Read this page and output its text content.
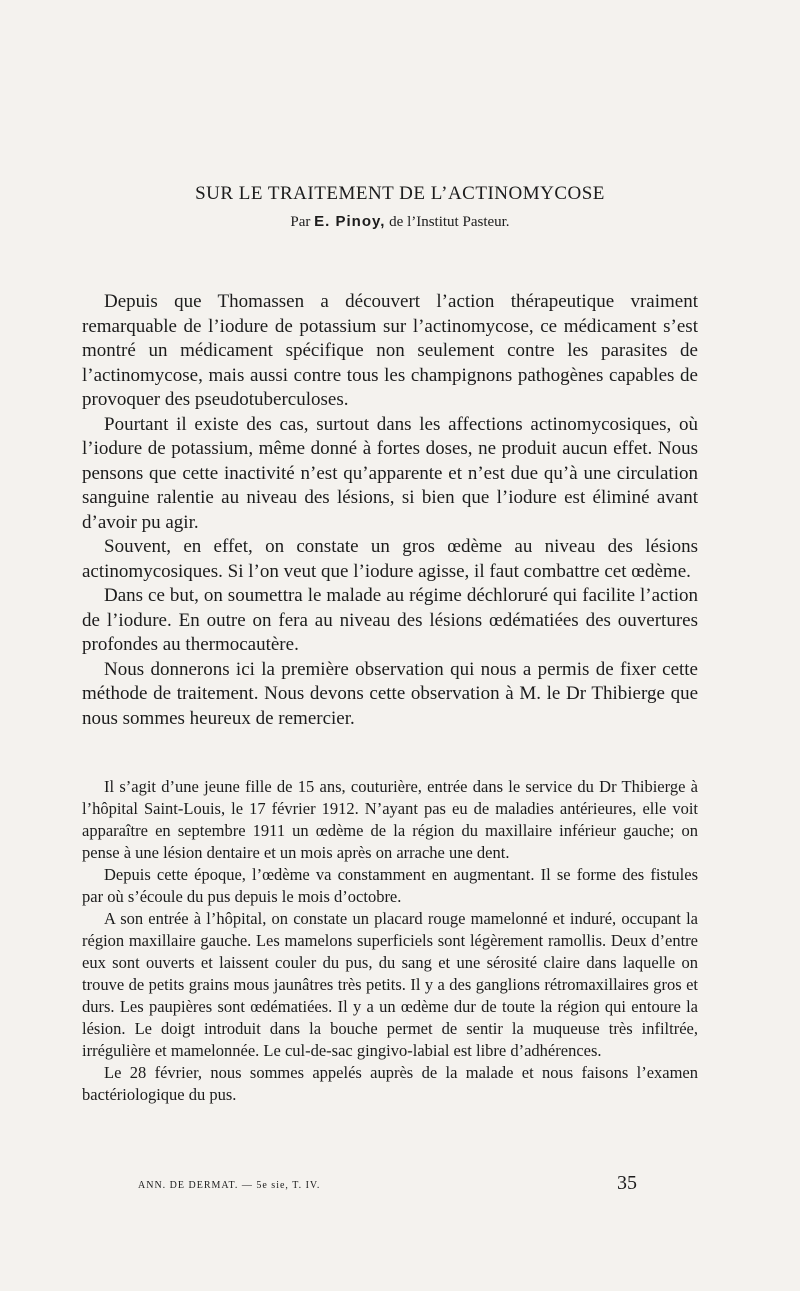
SUR LE TRAITEMENT DE L’ACTINOMYCOSE
Par E. Pinoy, de l’Institut Pasteur.

Depuis que Thomassen a découvert l’action thérapeutique vraiment remarquable de l’iodure de potassium sur l’actinomycose, ce médicament s’est montré un médicament spécifique non seulement contre les parasites de l’actinomycose, mais aussi contre tous les champignons pathogènes capables de provoquer des pseudotuberculoses.

Pourtant il existe des cas, surtout dans les affections actinomycosiques, où l’iodure de potassium, même donné à fortes doses, ne produit aucun effet. Nous pensons que cette inactivité n’est qu’apparente et n’est due qu’à une circulation sanguine ralentie au niveau des lésions, si bien que l’iodure est éliminé avant d’avoir pu agir.

Souvent, en effet, on constate un gros œdème au niveau des lésions actinomycosiques. Si l’on veut que l’iodure agisse, il faut combattre cet œdème.

Dans ce but, on soumettra le malade au régime déchloruré qui facilite l’action de l’iodure. En outre on fera au niveau des lésions œdématiées des ouvertures profondes au thermocautère.

Nous donnerons ici la première observation qui nous a permis de fixer cette méthode de traitement. Nous devons cette observation à M. le Dr Thibierge que nous sommes heureux de remercier.

Il s’agit d’une jeune fille de 15 ans, couturière, entrée dans le service du Dr Thibierge à l’hôpital Saint-Louis, le 17 février 1912. N’ayant pas eu de maladies antérieures, elle voit apparaître en septembre 1911 un œdème de la région du maxillaire inférieur gauche; on pense à une lésion dentaire et un mois après on arrache une dent.

Depuis cette époque, l’œdème va constamment en augmentant. Il se forme des fistules par où s’écoule du pus depuis le mois d’octobre.

A son entrée à l’hôpital, on constate un placard rouge mamelonné et induré, occupant la région maxillaire gauche. Les mamelons superficiels sont légèrement ramollis. Deux d’entre eux sont ouverts et laissent couler du pus, du sang et une sérosité claire dans laquelle on trouve de petits grains mous jaunâtres très petits. Il y a des ganglions rétromaxillaires gros et durs. Les paupières sont œdématiées. Il y a un œdème dur de toute la région qui entoure la lésion. Le doigt introduit dans la bouche permet de sentir la muqueuse très infiltrée, irrégulière et mamelonnée. Le cul-de-sac gingivo-labial est libre d’adhérences.

Le 28 février, nous sommes appelés auprès de la malade et nous faisons l’examen bactériologique du pus.

ANN. DE DERMAT. — 5e sie, T. IV.	35
